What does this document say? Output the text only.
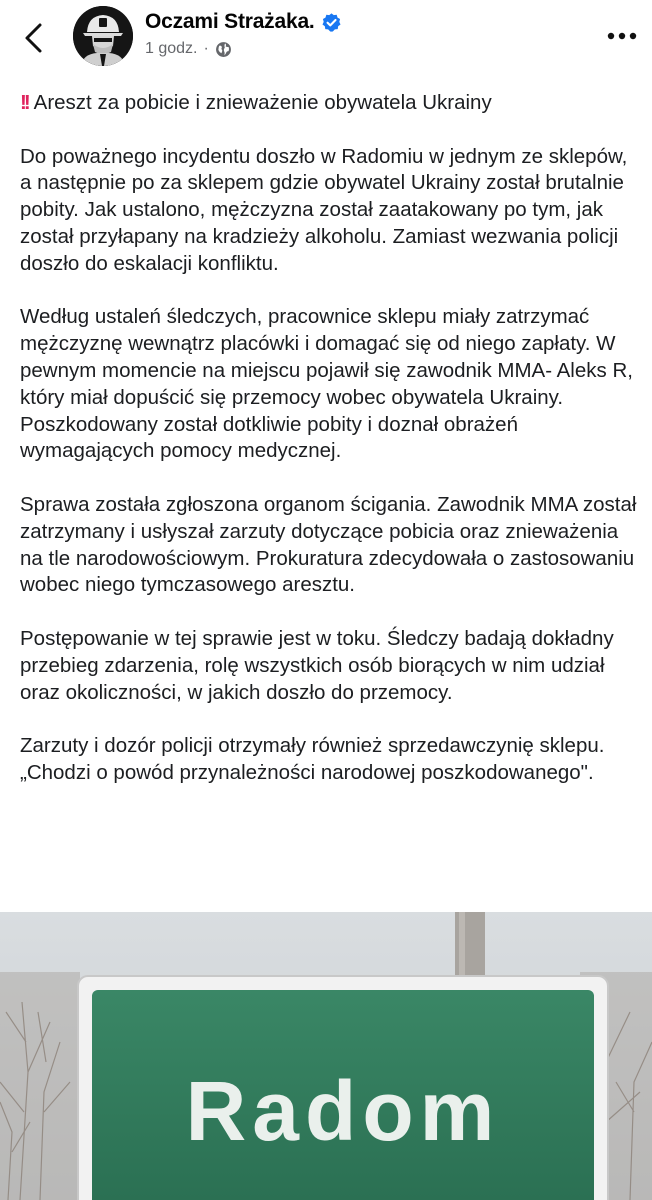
Oczami Strażaka.
1 godz. ·

!! Areszt za pobicie i znieważenie obywatela Ukrainy

Do poważnego incydentu doszło w Radomiu w jednym ze sklepów, a następnie po za sklepem gdzie obywatel Ukrainy został brutalnie pobity. Jak ustalono, mężczyzna został zaatakowany po tym, jak został przyłapany na kradzieży alkoholu. Zamiast wezwania policji doszło do eskalacji konfliktu.

Według ustaleń śledczych, pracownice sklepu miały zatrzymać mężczyznę wewnątrz placówki i domagać się od niego zapłaty. W pewnym momencie na miejscu pojawił się zawodnik MMA- Aleks R, który miał dopuścić się przemocy wobec obywatela Ukrainy. Poszkodowany został dotkliwie pobity i doznał obrażeń wymagających pomocy medycznej.

Sprawa została zgłoszona organom ścigania. Zawodnik MMA został zatrzymany i usłyszał zarzuty dotyczące pobicia oraz znieważenia na tle narodowościowym. Prokuratura zdecydowała o zastosowaniu wobec niego tymczasowego aresztu.

Postępowanie w tej sprawie jest w toku. Śledczy badają dokładny przebieg zdarzenia, rolę wszystkich osób biorących w nim udział oraz okoliczności, w jakich doszło do przemocy.

Zarzuty i dozór policji otrzymały również sprzedawczynię sklepu. „Chodzi o powód przynależności narodowej poszkodowanego".

Radom
